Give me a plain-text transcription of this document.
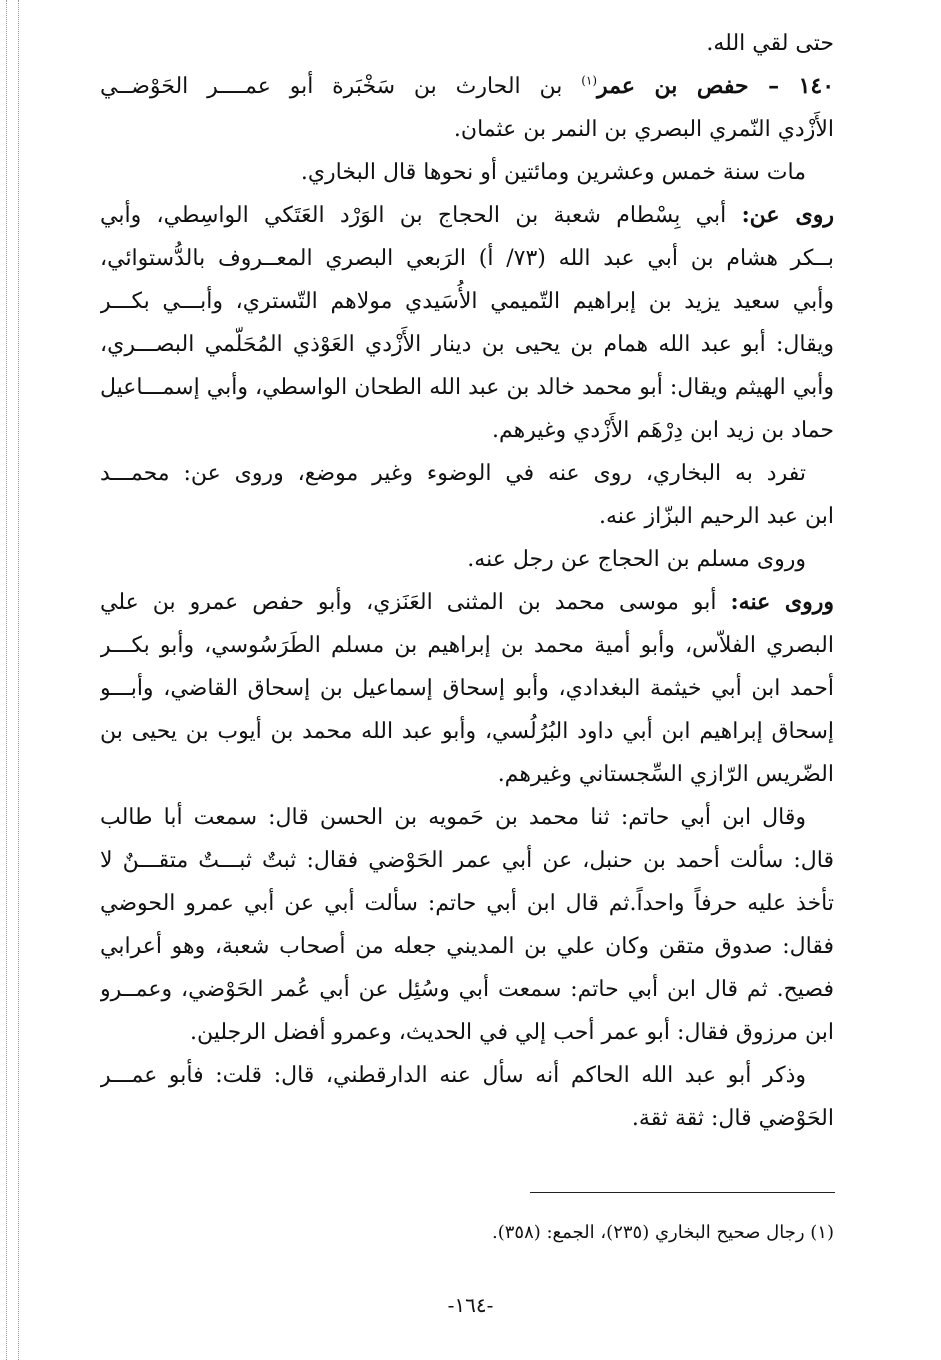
حتى لقي الله.
١٤٠ – حفص بن عمر$^{(١)}$ بن الحارث بن سَخْبَرة أبو عمــــر الحَوْضــي
الأَزْدي النّمري البصري بن النمر بن عثمان.
مات سنة خمس وعشرين ومائتين أو نحوها قال البخاري.
روى عن: أبي بِسْطام شعبة بن الحجاج بن الوَرْد العَتَكي الواسِطي، وأبي
بــكر هشام بن أبي عبد الله (٧٣/ أ) الرَبعي البصري المعــروف بالدُّستوائي،
وأبي سعيد يزيد بن إبراهيم التّميمي الأُسَيدي مولاهم التّستري، وأبـــي بكـــر
ويقال: أبو عبد الله همام بن يحيى بن دينار الأَزْدي العَوْذي المُحَلّمي البصـــري،
وأبي الهيثم ويقال: أبو محمد خالد بن عبد الله الطحان الواسطي، وأبي إسمـــاعيل
حماد بن زيد ابن دِرْهَم الأَزْدي وغيرهم.
تفرد به البخاري، روى عنه في الوضوء وغير موضع، وروى عن: محمـــد
ابن عبد الرحيم البزّاز عنه.
وروى مسلم بن الحجاج عن رجل عنه.
وروى عنه: أبو موسى محمد بن المثنى العَنَزي، وأبو حفص عمرو بن علي
البصري الفلاّس، وأبو أمية محمد بن إبراهيم بن مسلم الطَرَسُوسي، وأبو بكـــر
أحمد ابن أبي خيثمة البغدادي، وأبو إسحاق إسماعيل بن إسحاق القاضي، وأبـــو
إسحاق إبراهيم ابن أبي داود البُرُلُسي، وأبو عبد الله محمد بن أيوب بن يحيى بن
الضّريس الرّازي السِّجستاني وغيرهم.
وقال ابن أبي حاتم: ثنا محمد بن حَمويه بن الحسن قال: سمعت أبا طالب
قال: سألت أحمد بن حنبل، عن أبي عمر الحَوْضي فقال: ثبتٌ ثبـــتٌ متقـــنٌ لا
تأخذ عليه حرفاً واحداً.ثم قال ابن أبي حاتم: سألت أبي عن أبي عمرو الحوضي
فقال: صدوق متقن وكان علي بن المديني جعله من أصحاب شعبة، وهو أعرابي
فصيح. ثم قال ابن أبي حاتم: سمعت أبي وسُئِل عن أبي عُمر الحَوْضي، وعمــرو
ابن مرزوق فقال: أبو عمر أحب إلي في الحديث، وعمرو أفضل الرجلين.
وذكر أبو عبد الله الحاكم أنه سأل عنه الدارقطني، قال: قلت: فأبو عمـــر
الحَوْضي قال: ثقة ثقة.
(١) رجال صحيح البخاري (٢٣٥)، الجمع: (٣٥٨).
-١٦٤-
